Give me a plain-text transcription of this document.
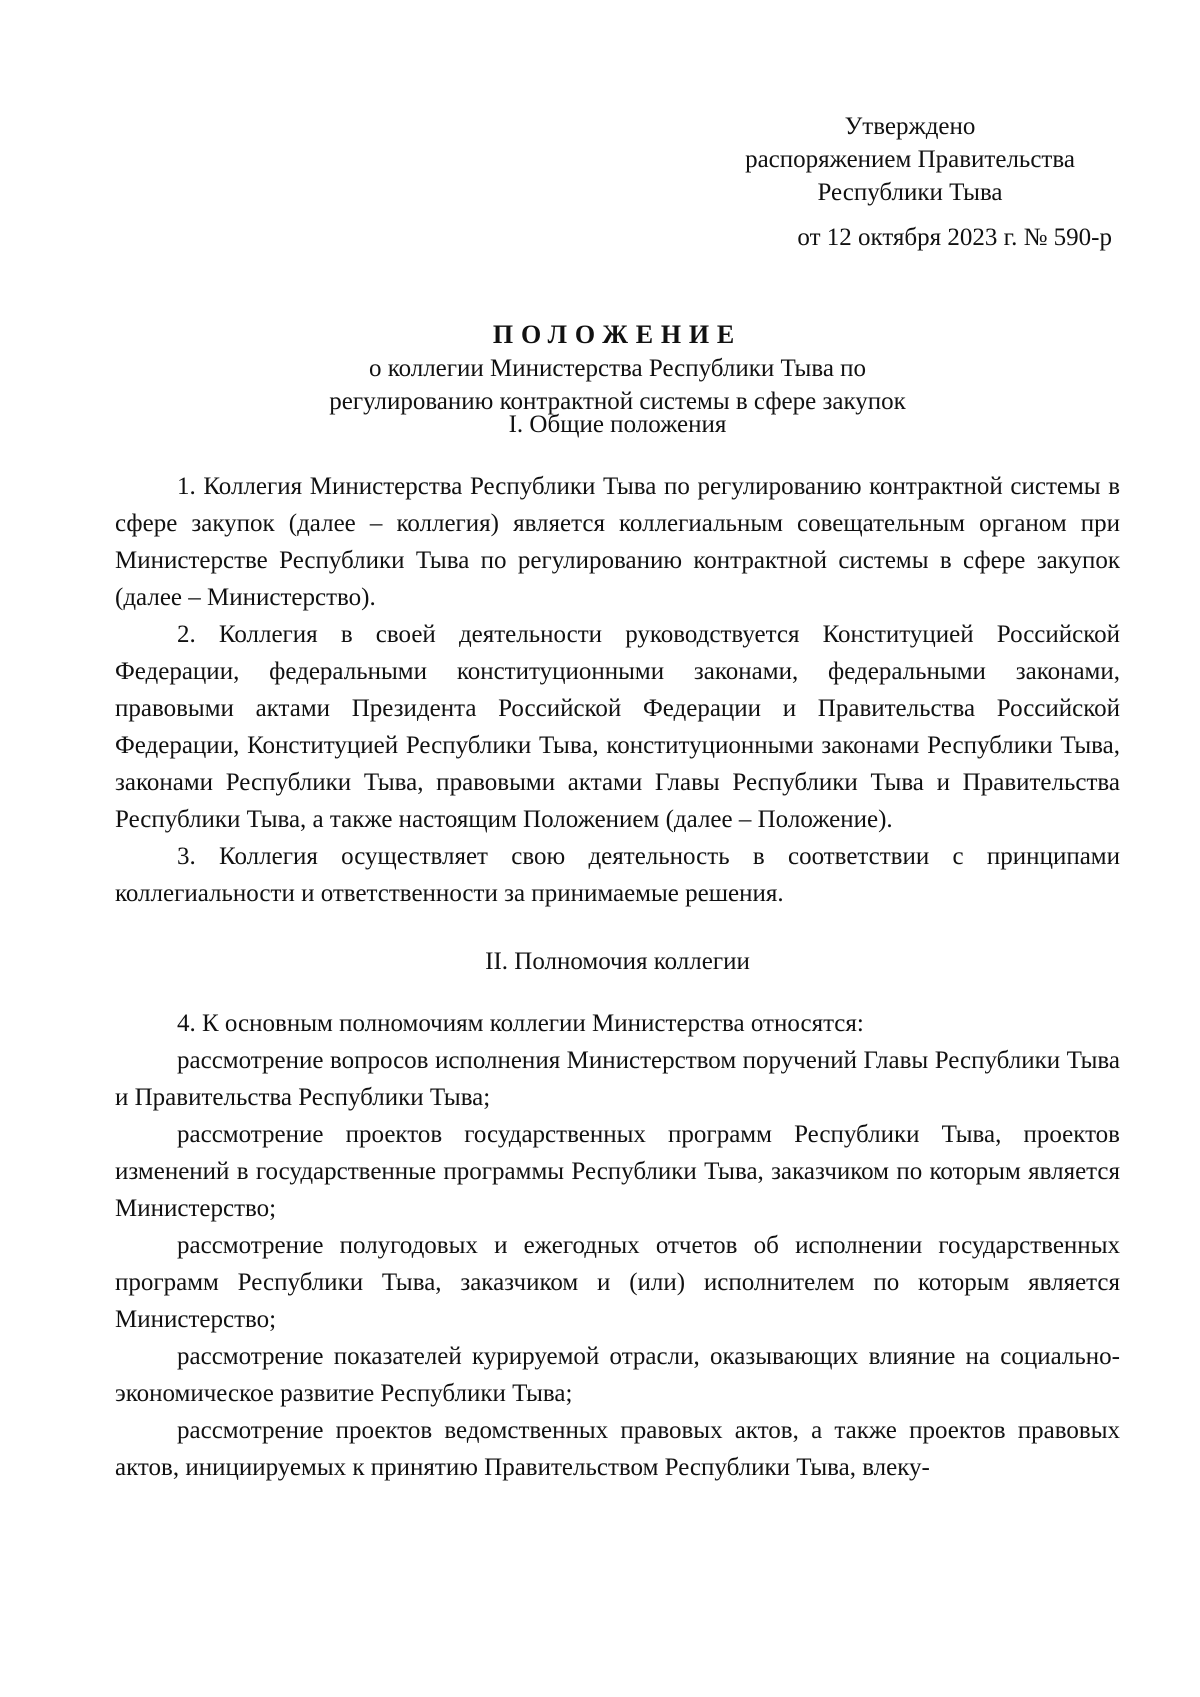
Утверждено
распоряжением Правительства
Республики Тыва
от 12 октября 2023 г. № 590-р
ПОЛОЖЕНИЕ
о коллегии Министерства Республики Тыва по
регулированию контрактной системы в сфере закупок
I. Общие положения

1. Коллегия Министерства Республики Тыва по регулированию контрактной системы в сфере закупок (далее – коллегия) является коллегиальным совещательным органом при Министерстве Республики Тыва по регулированию контрактной системы в сфере закупок (далее – Министерство).

2. Коллегия в своей деятельности руководствуется Конституцией Российской Федерации, федеральными конституционными законами, федеральными законами, правовыми актами Президента Российской Федерации и Правительства Российской Федерации, Конституцией Республики Тыва, конституционными законами Республики Тыва, законами Республики Тыва, правовыми актами Главы Республики Тыва и Правительства Республики Тыва, а также настоящим Положением (далее – Положение).

3. Коллегия осуществляет свою деятельность в соответствии с принципами коллегиальности и ответственности за принимаемые решения.

II. Полномочия коллегии

4. К основным полномочиям коллегии Министерства относятся:

рассмотрение вопросов исполнения Министерством поручений Главы Республики Тыва и Правительства Республики Тыва;

рассмотрение проектов государственных программ Республики Тыва, проектов изменений в государственные программы Республики Тыва, заказчиком по которым является Министерство;

рассмотрение полугодовых и ежегодных отчетов об исполнении государственных программ Республики Тыва, заказчиком и (или) исполнителем по которым является Министерство;

рассмотрение показателей курируемой отрасли, оказывающих влияние на социально-экономическое развитие Республики Тыва;

рассмотрение проектов ведомственных правовых актов, а также проектов правовых актов, инициируемых к принятию Правительством Республики Тыва, влеку-
